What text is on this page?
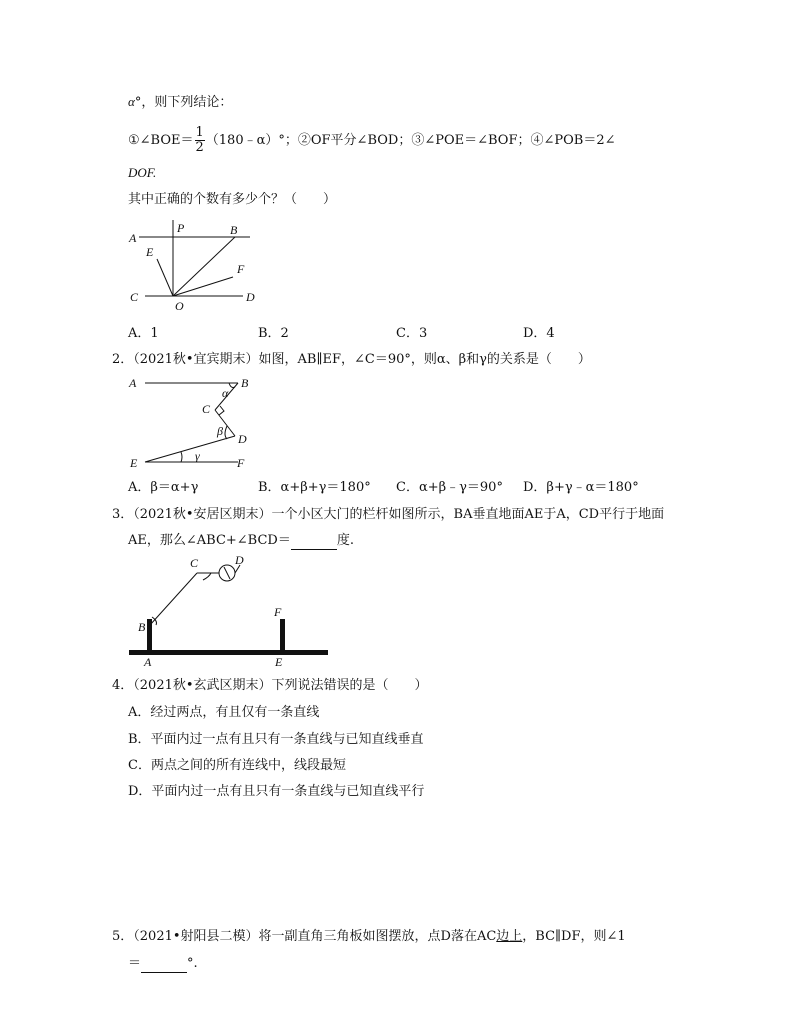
α°，则下列结论：
①∠BOE＝ $\frac{1}{2}$ （180﹣α）°；②OF平分∠BOD；③∠POE＝∠BOF；④∠POB＝2∠
DOF.
其中正确的个数有多少个？（　　）
A
P	B
E
F
C
O
D
A．1	B．2	C．3	D．4
2．（2021秋•宜宾期末）如图，AB∥EF，∠C＝90°，则α、β和γ的关系是（　　）
A	B
α
C
β
D
γ
E	F
A．β＝α+γ	B．α+β+γ＝180° C．α+β﹣γ＝90° D．β+γ﹣α＝180°
3．（2021秋•安居区期末）一个小区大门的栏杆如图所示，BA垂直地面AE于A，CD平行于地面
AE，那么∠ABC+∠BCD＝	度.
C	D
B
F
A	E
4．（2021秋•玄武区期末）下列说法错误的是（　　）
A．经过两点，有且仅有一条直线
B．平面内过一点有且只有一条直线与已知直线垂直
C．两点之间的所有连线中，线段最短
D．平面内过一点有且只有一条直线与已知直线平行
5．（2021•射阳县二模）将一副直角三角板如图摆放，点D落在AC边上，BC∥DF，则∠1
＝	°.
